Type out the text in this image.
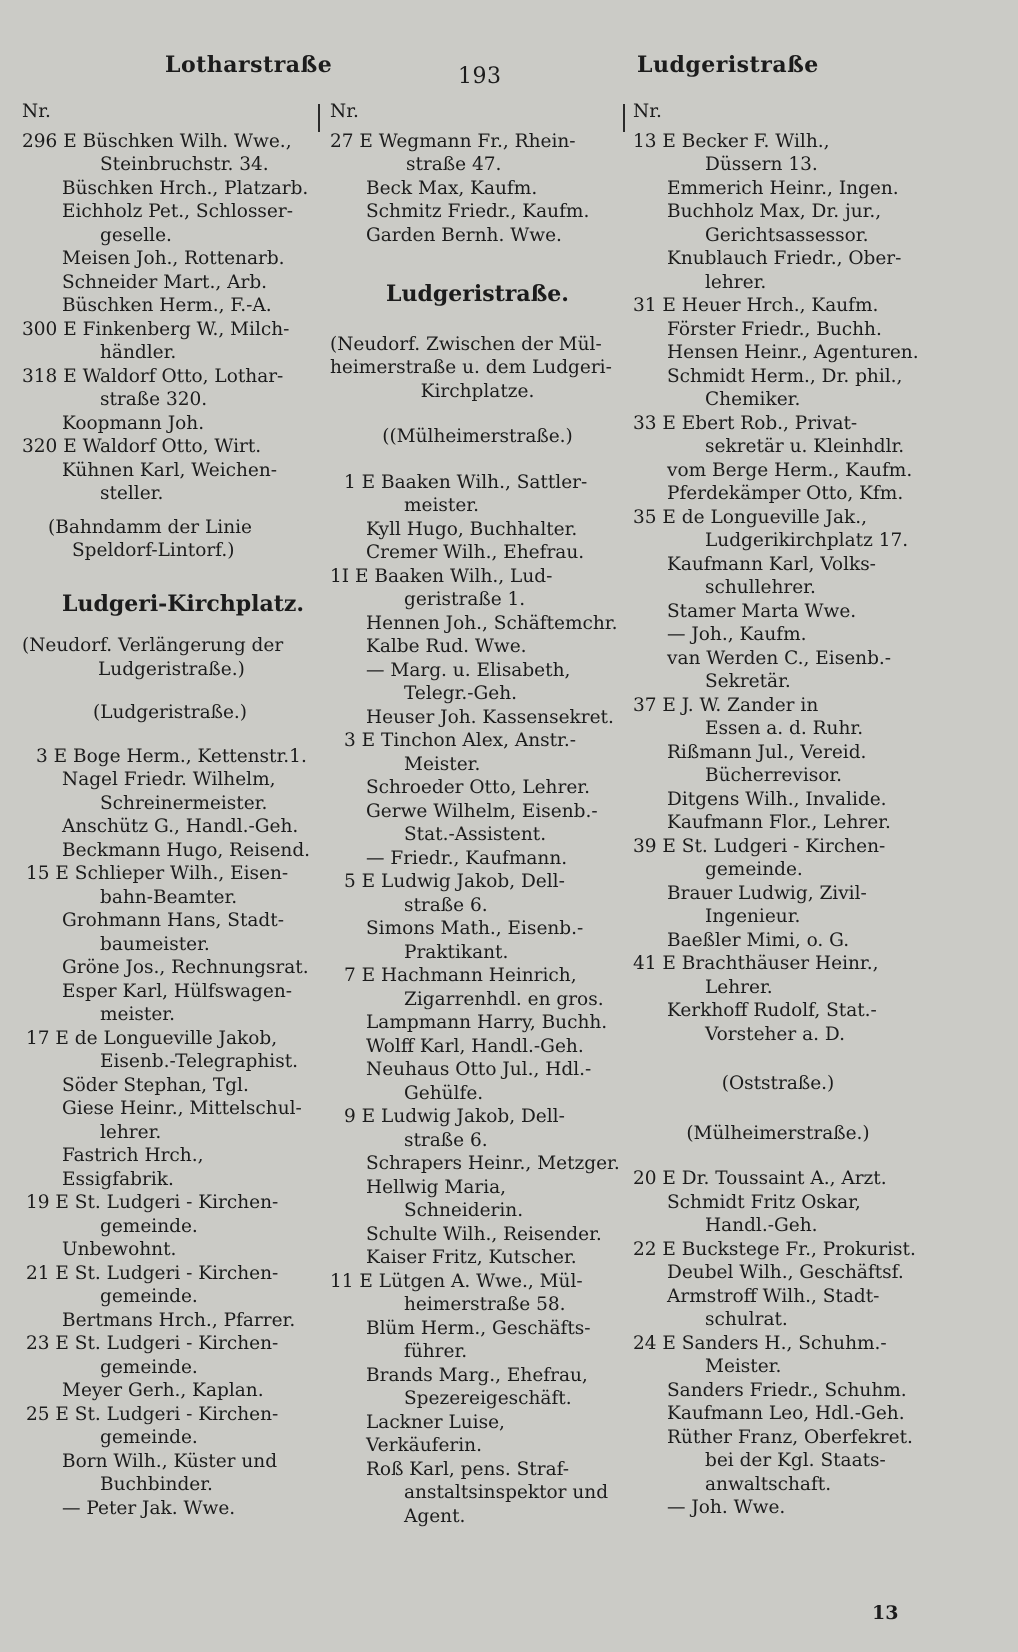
Lotharstraße	193	Ludgeristraße
Nr.
296 E Büschken Wilh. Wwe.,
Steinbruchstr. 34.
Büschken Hrch., Platzarb.
Eichholz Pet., Schlosser-
geselle.
Meisen Joh., Rottenarb.
Schneider Mart., Arb.
Büschken Herm., F.-A.
300 E Finkenberg W., Milch-
händler.
318 E Waldorf Otto, Lothar-
straße 320.
Koopmann Joh.
320 E Waldorf Otto, Wirt.
Kühnen Karl, Weichen-
steller.
(Bahndamm der Linie
Speldorf-Lintorf.)
Ludgeri-Kirchplatz.
(Neudorf. Verlängerung der
Ludgeristraße.)
(Ludgeristraße.)
3 E Boge Herm., Kettenstr.1.
Nagel Friedr. Wilhelm,
Schreinermeister.
Anschütz G., Handl.-Geh.
Beckmann Hugo, Reisend.
15 E Schlieper Wilh., Eisen-
bahn-Beamter.
Grohmann Hans, Stadt-
baumeister.
Gröne Jos., Rechnungsrat.
Esper Karl, Hülfswagen-
meister.
17 E de Longueville Jakob,
Eisenb.-Telegraphist.
Söder Stephan, Tgl.
Giese Heinr., Mittelschul-
lehrer.
Fastrich Hrch., Essigfabrik.
19 E St. Ludgeri - Kirchen-
gemeinde.
Unbewohnt.
21 E St. Ludgeri - Kirchen-
gemeinde.
Bertmans Hrch., Pfarrer.
23 E St. Ludgeri - Kirchen-
gemeinde.
Meyer Gerh., Kaplan.
25 E St. Ludgeri - Kirchen-
gemeinde.
Born Wilh., Küster und
Buchbinder.
— Peter Jak. Wwe.
Nr.
27 E Wegmann Fr., Rhein-
straße 47.
Beck Max, Kaufm.
Schmitz Friedr., Kaufm.
Garden Bernh. Wwe.
Ludgeristraße.
(Neudorf. Zwischen der Mül-
heimerstraße u. dem Ludgeri-
Kirchplatze.
((Mülheimerstraße.)
1 E Baaken Wilh., Sattler-
meister.
Kyll Hugo, Buchhalter.
Cremer Wilh., Ehefrau.
1I E Baaken Wilh., Lud-
geristraße 1.
Hennen Joh., Schäftemchr.
Kalbe Rud. Wwe.
— Marg. u. Elisabeth,
Telegr.-Geh.
Heuser Joh. Kassensekret.
3 E Tinchon Alex, Anstr.-
Meister.
Schroeder Otto, Lehrer.
Gerwe Wilhelm, Eisenb.-
Stat.-Assistent.
— Friedr., Kaufmann.
5 E Ludwig Jakob, Dell-
straße 6.
Simons Math., Eisenb.-
Praktikant.
7 E Hachmann Heinrich,
Zigarrenhdl. en gros.
Lampmann Harry, Buchh.
Wolff Karl, Handl.-Geh.
Neuhaus Otto Jul., Hdl.-
Gehülfe.
9 E Ludwig Jakob, Dell-
straße 6.
Schrapers Heinr., Metzger.
Hellwig Maria,
Schneiderin.
Schulte Wilh., Reisender.
Kaiser Fritz, Kutscher.
11 E Lütgen A. Wwe., Mül-
heimerstraße 58.
Blüm Herm., Geschäfts-
führer.
Brands Marg., Ehefrau,
Spezereigeschäft.
Lackner Luise, Verkäuferin.
Roß Karl, pens. Straf-
anstaltsinspektor und
Agent.
Nr.
13 E Becker F. Wilh.,
Düssern 13.
Emmerich Heinr., Ingen.
Buchholz Max, Dr. jur.,
Gerichtsassessor.
Knublauch Friedr., Ober-
lehrer.
31 E Heuer Hrch., Kaufm.
Förster Friedr., Buchh.
Hensen Heinr., Agenturen.
Schmidt Herm., Dr. phil.,
Chemiker.
33 E Ebert Rob., Privat-
sekretär u. Kleinhdlr.
vom Berge Herm., Kaufm.
Pferdekämper Otto, Kfm.
35 E de Longueville Jak.,
Ludgerikirchplatz 17.
Kaufmann Karl, Volks-
schullehrer.
Stamer Marta Wwe.
— Joh., Kaufm.
van Werden C., Eisenb.-
Sekretär.
37 E J. W. Zander in
Essen a. d. Ruhr.
Rißmann Jul., Vereid.
Bücherrevisor.
Ditgens Wilh., Invalide.
Kaufmann Flor., Lehrer.
39 E St. Ludgeri - Kirchen-
gemeinde.
Brauer Ludwig, Zivil-
Ingenieur.
Baeßler Mimi, o. G.
41 E Brachthäuser Heinr.,
Lehrer.
Kerkhoff Rudolf, Stat.-
Vorsteher a. D.
(Oststraße.)
(Mülheimerstraße.)
20 E Dr. Toussaint A., Arzt.
Schmidt Fritz Oskar,
Handl.-Geh.
22 E Buckstege Fr., Prokurist.
Deubel Wilh., Geschäftsf.
Armstroff Wilh., Stadt-
schulrat.
24 E Sanders H., Schuhm.-
Meister.
Sanders Friedr., Schuhm.
Kaufmann Leo, Hdl.-Geh.
Rüther Franz, Oberfekret.
bei der Kgl. Staats-
anwaltschaft.
— Joh. Wwe.
13
